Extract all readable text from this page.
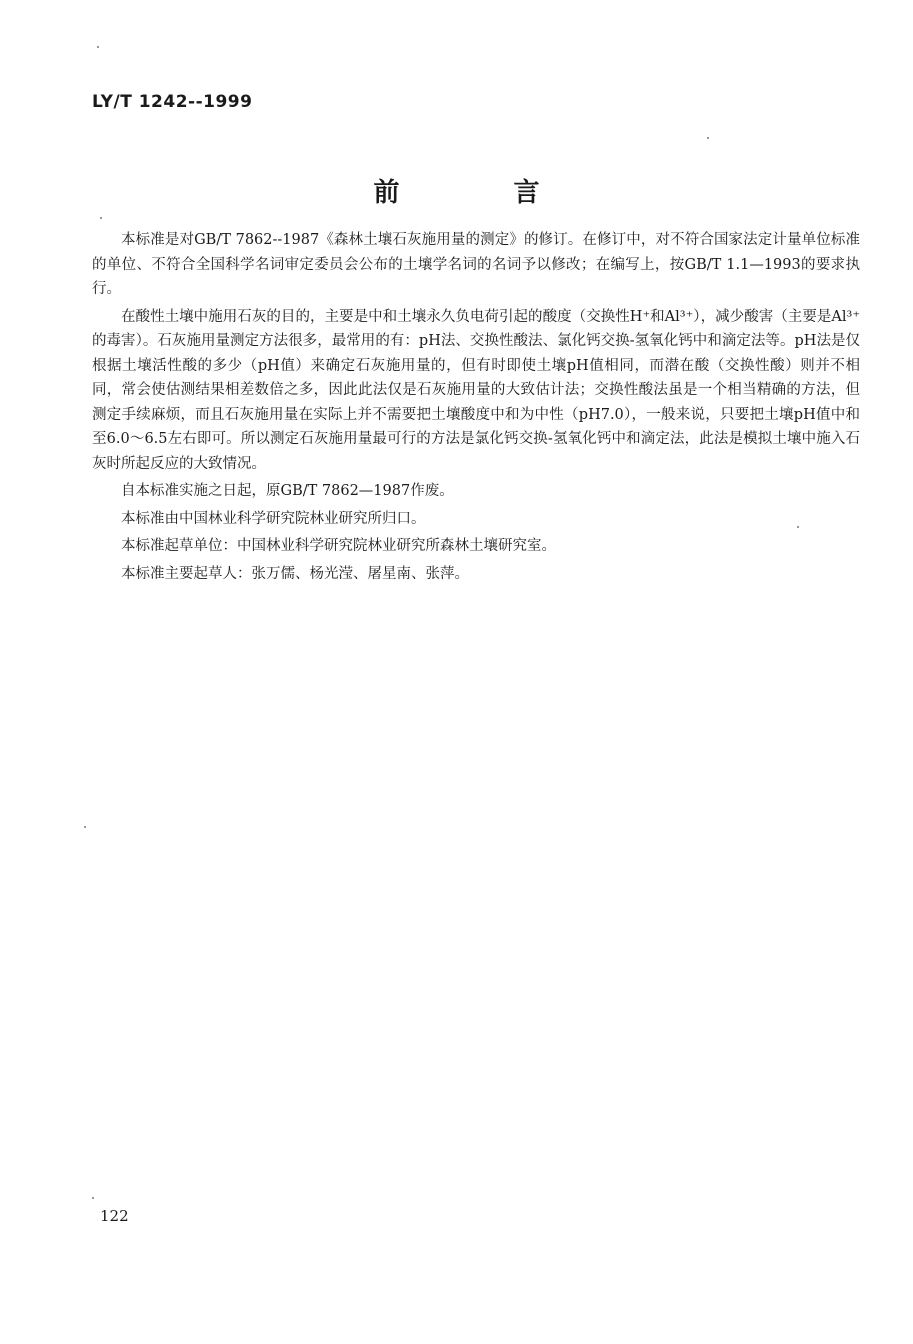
LY/T 1242--1999
前　言

本标准是对GB/T 7862--1987《森林土壤石灰施用量的测定》的修订。在修订中，对不符合国家法定计量单位标准的单位、不符合全国科学名词审定委员会公布的土壤学名词的名词予以修改；在编写上，按GB/T 1.1—1993的要求执行。

在酸性土壤中施用石灰的目的，主要是中和土壤永久负电荷引起的酸度（交换性H⁺和Al³⁺），减少酸害（主要是Al³⁺的毒害）。石灰施用量测定方法很多，最常用的有：pH法、交换性酸法、氯化钙交换-氢氧化钙中和滴定法等。pH法是仅根据土壤活性酸的多少（pH值）来确定石灰施用量的，但有时即使土壤pH值相同，而潜在酸（交换性酸）则并不相同，常会使估测结果相差数倍之多，因此此法仅是石灰施用量的大致估计法；交换性酸法虽是一个相当精确的方法，但测定手续麻烦，而且石灰施用量在实际上并不需要把土壤酸度中和为中性（pH7.0），一般来说，只要把土壤pH值中和至6.0～6.5左右即可。所以测定石灰施用量最可行的方法是氯化钙交换-氢氧化钙中和滴定法，此法是模拟土壤中施入石灰时所起反应的大致情况。

自本标准实施之日起，原GB/T 7862—1987作废。

本标准由中国林业科学研究院林业研究所归口。

本标准起草单位：中国林业科学研究院林业研究所森林土壤研究室。

本标准主要起草人：张万儒、杨光滢、屠星南、张萍。

122
